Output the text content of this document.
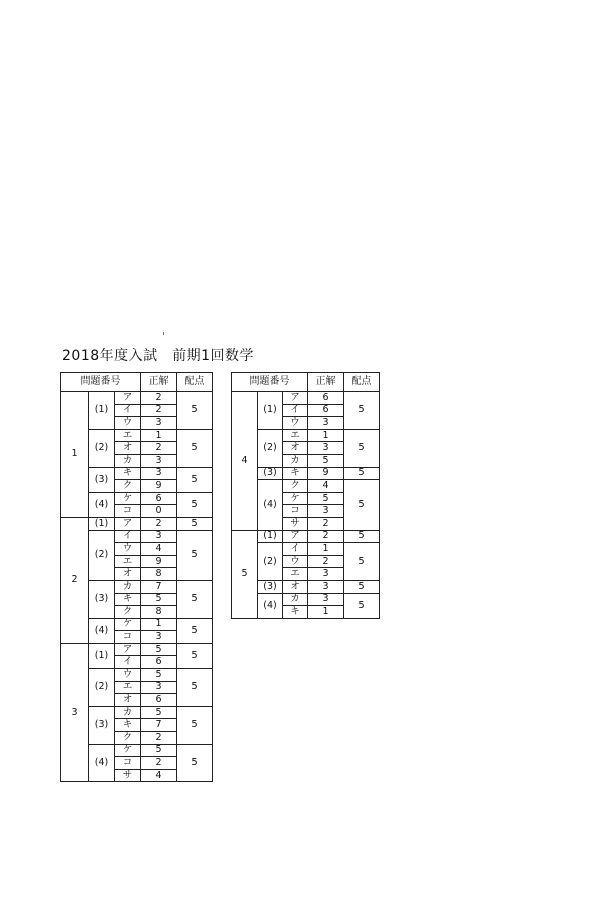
2018年度入試　前期1回数学
問題番号			正解	配点
1	(1)	ア	2	5
		イ	2	
		ウ	3	
	(2)	エ	1	5
		オ	2	
		カ	3	
	(3)	キ	3	5
		ク	9	
	(4)	ケ	6	5
		コ	0	
2	(1)	ア	2	5
	(2)	イ	3	5
		ウ	4	
		エ	9	
		オ	8	
	(3)	カ	7	5
		キ	5	
		ク	8	
	(4)	ケ	1	5
		コ	3	
3	(1)	ア	5	5
		イ	6	
	(2)	ウ	5	5
		エ	3	
		オ	6	
	(3)	カ	5	5
		キ	7	
		ク	2	
	(4)	ケ	5	5
		コ	2	
		サ	4	
問題番号			正解	配点
4	(1)	ア	6	5
		イ	6	
		ウ	3	
	(2)	エ	1	5
		オ	3	
		カ	5	
	(3)	キ	9	5
	(4)	ク	4	5
		ケ	5	
		コ	3	
		サ	2	
5	(1)	ア	2	5
	(2)	イ	1	5
		ウ	2	
		エ	3	
	(3)	オ	3	5
	(4)	カ	3	5
		キ	1	
